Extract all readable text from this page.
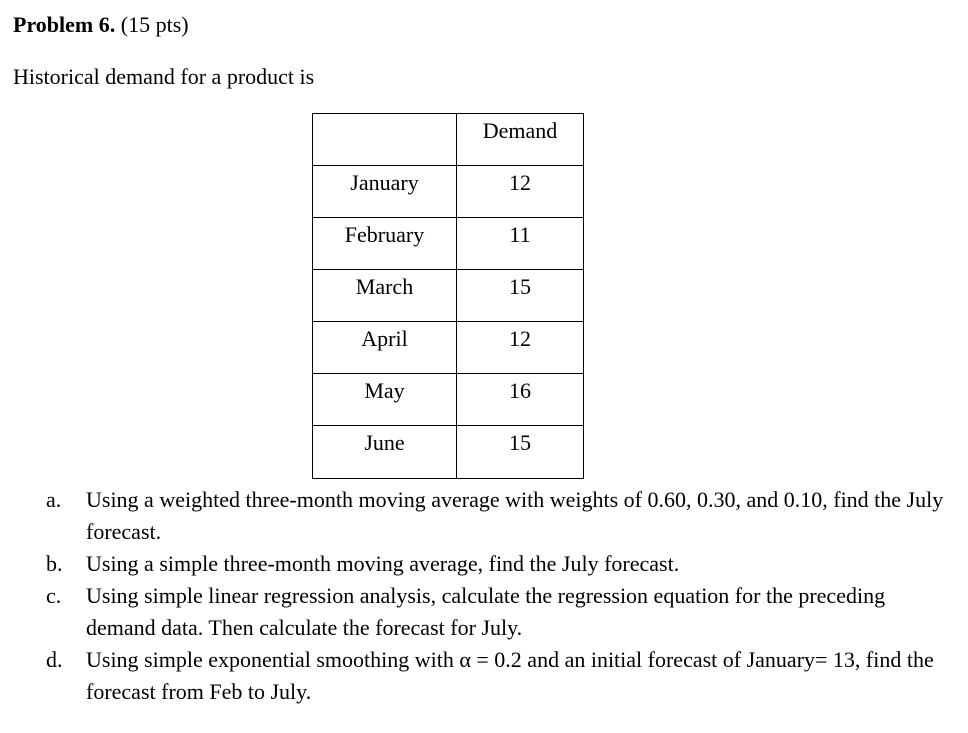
Problem 6. (15 pts)
Historical demand for a product is

	Demand

January	12

February	11

March	15

April	12

May	16

June	15
a. Using a weighted three-month moving average with weights of 0.60, 0.30, and 0.10, find the July forecast.
b. Using a simple three-month moving average, find the July forecast.
c. Using simple linear regression analysis, calculate the regression equation for the preceding demand data. Then calculate the forecast for July.
d. Using simple exponential smoothing with α = 0.2 and an initial forecast of January= 13, find the forecast from Feb to July.
